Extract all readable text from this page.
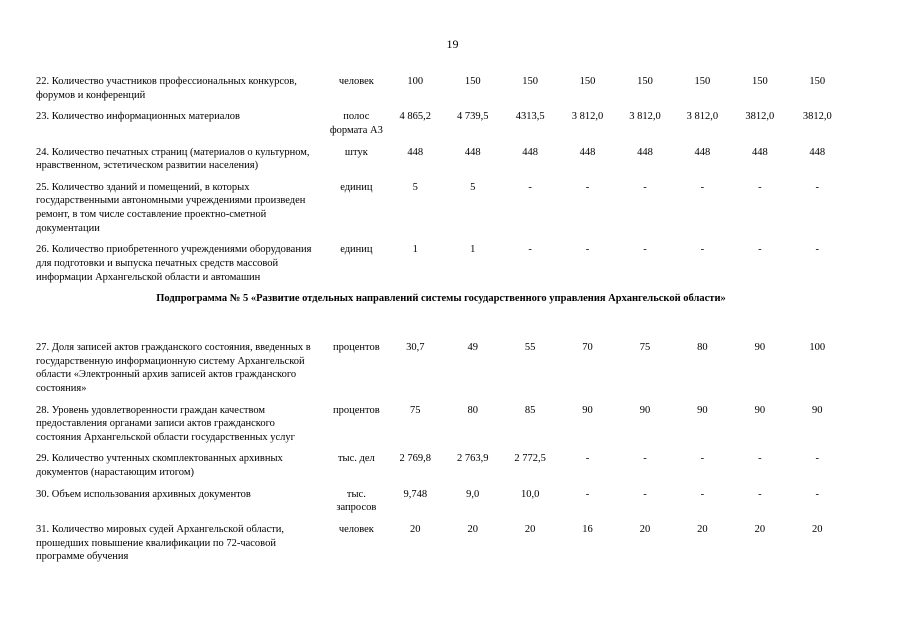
19
22. Количество участников профессиональных конкурсов, форумов и конференций	человек	100	150	150	150	150	150	150	150
23. Количество информационных материалов	полос формата А3	4 865,2	4 739,5	4313,5	3 812,0	3 812,0	3 812,0	3812,0	3812,0
24. Количество печатных страниц (материалов о культурном, нравственном, эстетическом развитии населения)	штук	448	448	448	448	448	448	448	448
25. Количество зданий и помещений, в которых государственными автономными учреждениями произведен ремонт, в том числе составление проектно-сметной документации	единиц	5	5	-	-	-	-	-	-
26. Количество приобретенного учреждениями оборудования для подготовки и выпуска печатных средств массовой информации Архангельской области и автомашин	единиц	1	1	-	-	-	-	-	-
Подпрограмма № 5 «Развитие отдельных направлений системы государственного управления Архангельской области»									
27. Доля записей актов гражданского состояния, введенных в государственную информационную систему Архангельской области «Электронный архив записей актов гражданского состояния»	процентов	30,7	49	55	70	75	80	90	100
28. Уровень удовлетворенности граждан качеством предоставления органами записи актов гражданского состояния Архангельской области государственных услуг	процентов	75	80	85	90	90	90	90	90
29. Количество учтенных скомплектованных архивных документов (нарастающим итогом)	тыс. дел	2 769,8	2 763,9	2 772,5	-	-	-	-	-
30. Объем использования архивных документов	тыс. запросов	9,748	9,0	10,0	-	-	-	-	-
31. Количество мировых судей Архангельской области, прошедших повышение квалификации по 72-часовой программе обучения	человек	20	20	20	16	20	20	20	20
